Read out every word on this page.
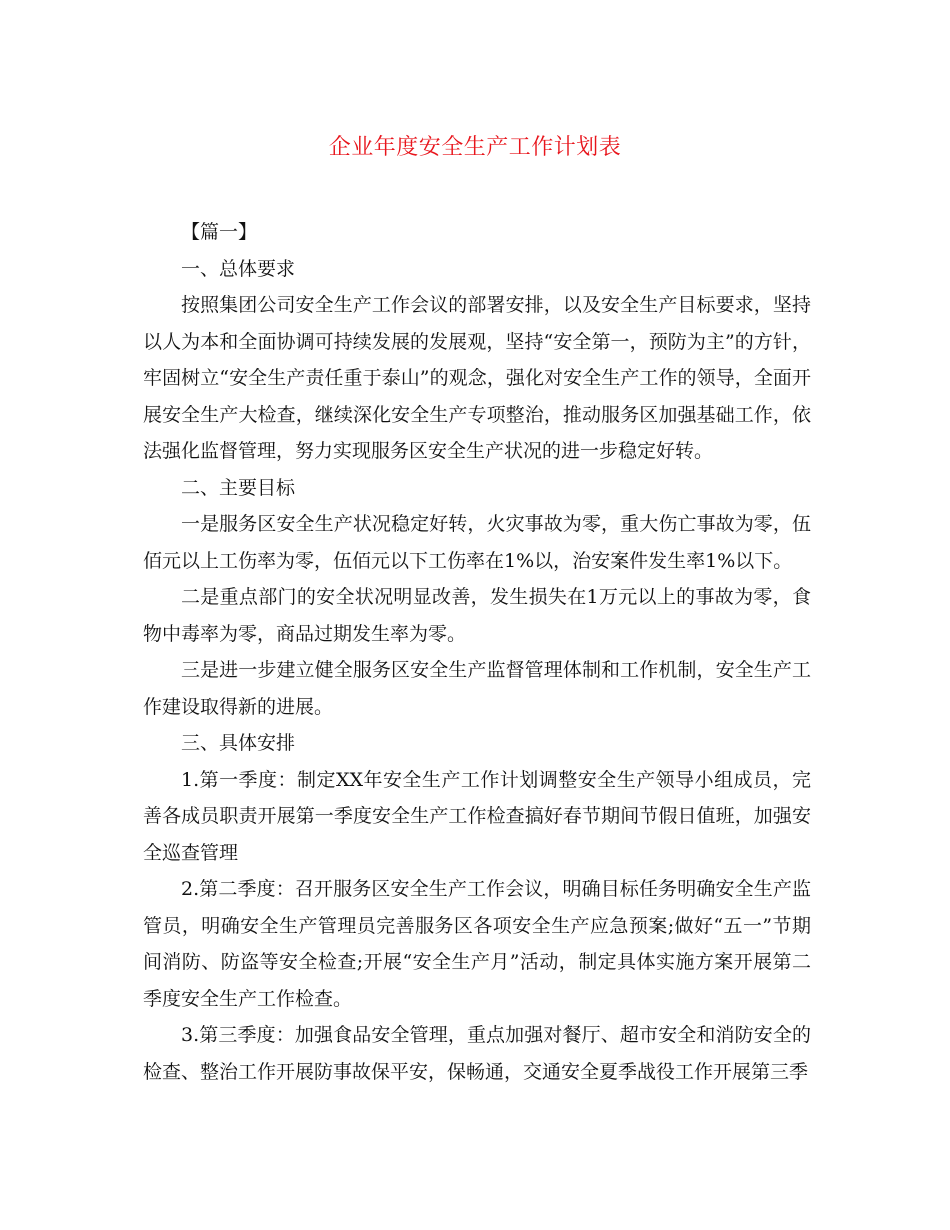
企业年度安全生产工作计划表

【篇一】

一、总体要求

按照集团公司安全生产工作会议的部署安排，以及安全生产目标要求，坚持以人为本和全面协调可持续发展的发展观，坚持“安全第一，预防为主”的方针，牢固树立“安全生产责任重于泰山”的观念，强化对安全生产工作的领导，全面开展安全生产大检查，继续深化安全生产专项整治，推动服务区加强基础工作，依法强化监督管理，努力实现服务区安全生产状况的进一步稳定好转。

二、主要目标

一是服务区安全生产状况稳定好转，火灾事故为零，重大伤亡事故为零，伍佰元以上工伤率为零，伍佰元以下工伤率在1%以，治安案件发生率1%以下。

二是重点部门的安全状况明显改善，发生损失在1万元以上的事故为零，食物中毒率为零，商品过期发生率为零。

三是进一步建立健全服务区安全生产监督管理体制和工作机制，安全生产工作建设取得新的进展。

三、具体安排

1.第一季度：制定XX年安全生产工作计划调整安全生产领导小组成员，完善各成员职责开展第一季度安全生产工作检查搞好春节期间节假日值班，加强安全巡查管理

2.第二季度：召开服务区安全生产工作会议，明确目标任务明确安全生产监管员，明确安全生产管理员完善服务区各项安全生产应急预案;做好“五一”节期间消防、防盗等安全检查;开展“安全生产月”活动，制定具体实施方案开展第二季度安全生产工作检查。

3.第三季度：加强食品安全管理，重点加强对餐厅、超市安全和消防安全的检查、整治工作开展防事故保平安，保畅通，交通安全夏季战役工作开展第三季
